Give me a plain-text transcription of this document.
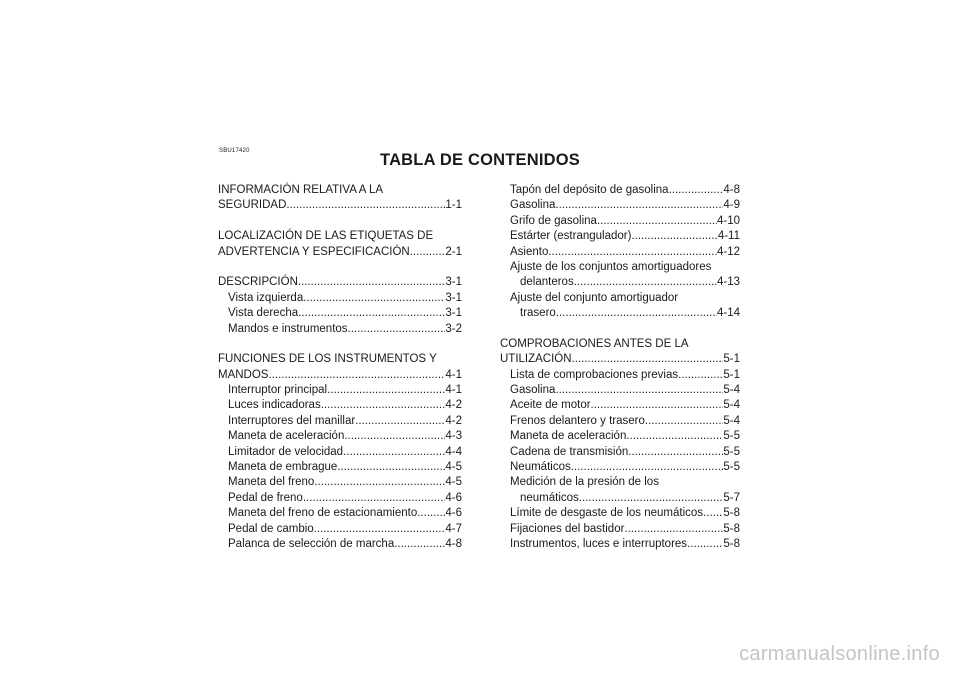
SBU17420	TABLA DE CONTENIDOS
INFORMACIÓN RELATIVA A LA
SEGURIDAD .....	1-1
LOCALIZACIÓN DE LAS ETIQUETAS DE
ADVERTENCIA Y ESPECIFICACIÓN .....	2-1
DESCRIPCIÓN .....	3-1
Vista izquierda .....	3-1
Vista derecha .....	3-1
Mandos e instrumentos .....	3-2
FUNCIONES DE LOS INSTRUMENTOS Y
MANDOS .....	4-1
Interruptor principal .....	4-1
Luces indicadoras .....	4-2
Interruptores del manillar .....	4-2
Maneta de aceleración .....	4-3
Limitador de velocidad .....	4-4
Maneta de embrague .....	4-5
Maneta del freno .....	4-5
Pedal de freno .....	4-6
Maneta del freno de estacionamiento ..... 4-6
Pedal de cambio .....	4-7
Palanca de selección de marcha .....	4-8
Tapón del depósito de gasolina .....	4-8
Gasolina .....	4-9
Grifo de gasolina .....	4-10
Estárter (estrangulador) .....	4-11
Asiento .....	4-12
Ajuste de los conjuntos amortiguadores
delanteros .....	4-13
Ajuste del conjunto amortiguador
trasero .....	4-14
COMPROBACIONES ANTES DE LA
UTILIZACIÓN .....	5-1
Lista de comprobaciones previas .....	5-1
Gasolina .....	5-4
Aceite de motor .....	5-4
Frenos delantero y trasero .....	5-4
Maneta de aceleración .....	5-5
Cadena de transmisión .....	5-5
Neumáticos .....	5-5
Medición de la presión de los
neumáticos .....	5-7
Límite de desgaste de los neumáticos ..... 5-8
Fijaciones del bastidor .....	5-8
Instrumentos, luces e interruptores .....	5-8
carmanualsonline.info
